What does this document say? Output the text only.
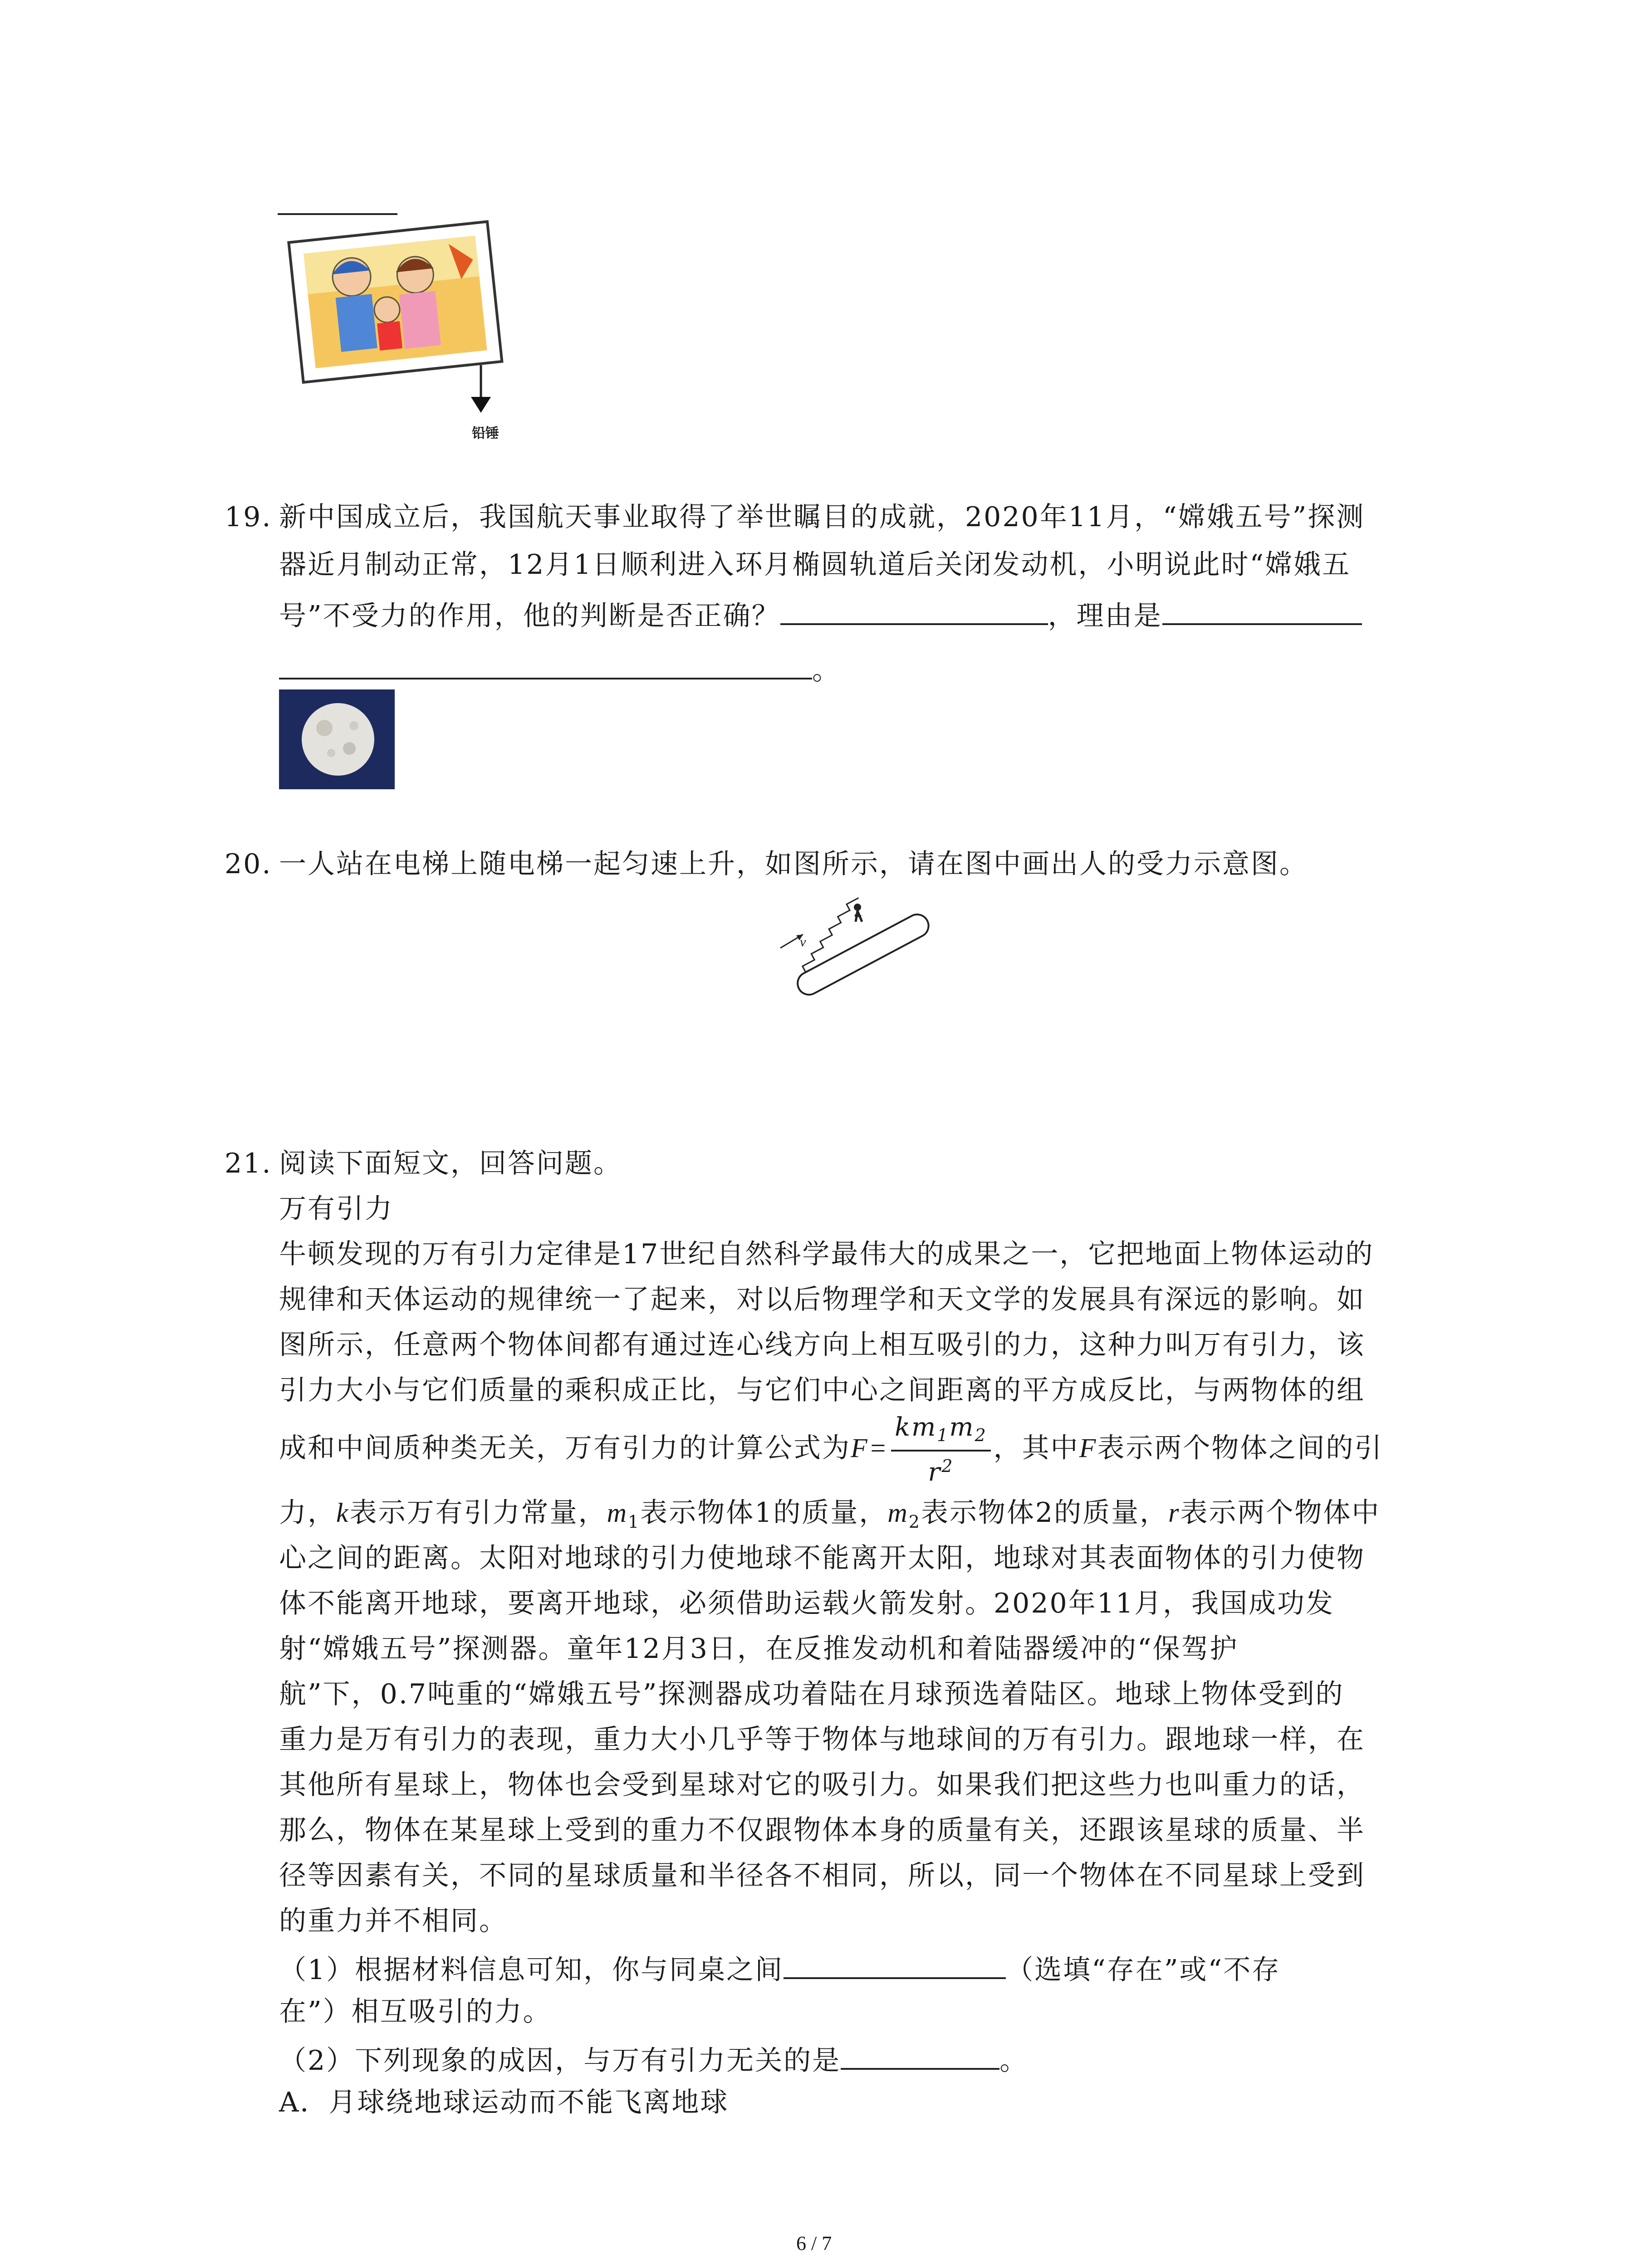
铅锤
19. 新中国成立后，我国航天事业取得了举世瞩目的成就，2020年11月，“嫦娥五号”探测
器近月制动正常，12月1日顺利进入环月椭圆轨道后关闭发动机，小明说此时“嫦娥五
号”不受力的作用，他的判断是否正确？	，理由是
。
20. 一人站在电梯上随电梯一起匀速上升，如图所示，请在图中画出人的受力示意图。
v
21. 阅读下面短文，回答问题。
万有引力
牛顿发现的万有引力定律是17世纪自然科学最伟大的成果之一，它把地面上物体运动的
规律和天体运动的规律统一了起来，对以后物理学和天文学的发展具有深远的影响。如
图所示，任意两个物体间都有通过连心线方向上相互吸引的力，这种力叫万有引力，该
引力大小与它们质量的乘积成正比，与它们中心之间距离的平方成反比，与两物体的组
成和中间质种类无关，万有引力的计算公式为$F= \frac{km_1m_2}{r^2}$ ，其中F表示两个物体之间的引
力，k表示万有引力常量，$m_1$表示物体1的质量，$m_2$表示物体2的质量，r表示两个物体中
心之间的距离。太阳对地球的引力使地球不能离开太阳，地球对其表面物体的引力使物
体不能离开地球，要离开地球，必须借助运载火箭发射。2020年11月，我国成功发
射“嫦娥五号”探测器。童年12月3日，在反推发动机和着陆器缓冲的“保驾护
航”下，0.7吨重的“嫦娥五号”探测器成功着陆在月球预选着陆区。地球上物体受到的
重力是万有引力的表现，重力大小几乎等于物体与地球间的万有引力。跟地球一样，在
其他所有星球上，物体也会受到星球对它的吸引力。如果我们把这些力也叫重力的话，
那么，物体在某星球上受到的重力不仅跟物体本身的质量有关，还跟该星球的质量、半
径等因素有关，不同的星球质量和半径各不相同，所以，同一个物体在不同星球上受到
的重力并不相同。
（1）根据材料信息可知，你与同桌之间	（选填“存在”或“不存
在”）相互吸引的力。
（2）下列现象的成因，与万有引力无关的是	。
A．月球绕地球运动而不能飞离地球
6 / 7
